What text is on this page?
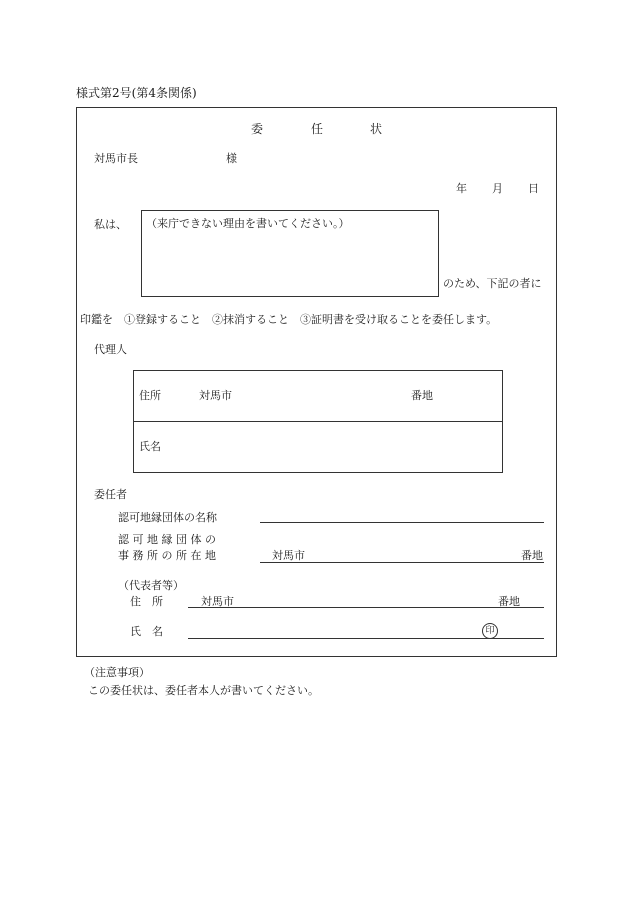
様式第2号(第4条関係)
委	任	状
対馬市長	様
年 月 日
私は、 （来庁できない理由を書いてください。）
のため、下記の者に
印鑑を　①登録すること　②抹消すること　③証明書を受け取ることを委任します。
代理人
住所	対馬市	番地
氏名
委任者
認可地縁団体の名称
認 可 地 縁 団 体 の
事 務 所 の 所 在 地	対馬市	番地
（代表者等）
住　所	対馬市	番地
氏　名	印
（注意事項）
この委任状は、委任者本人が書いてください。
